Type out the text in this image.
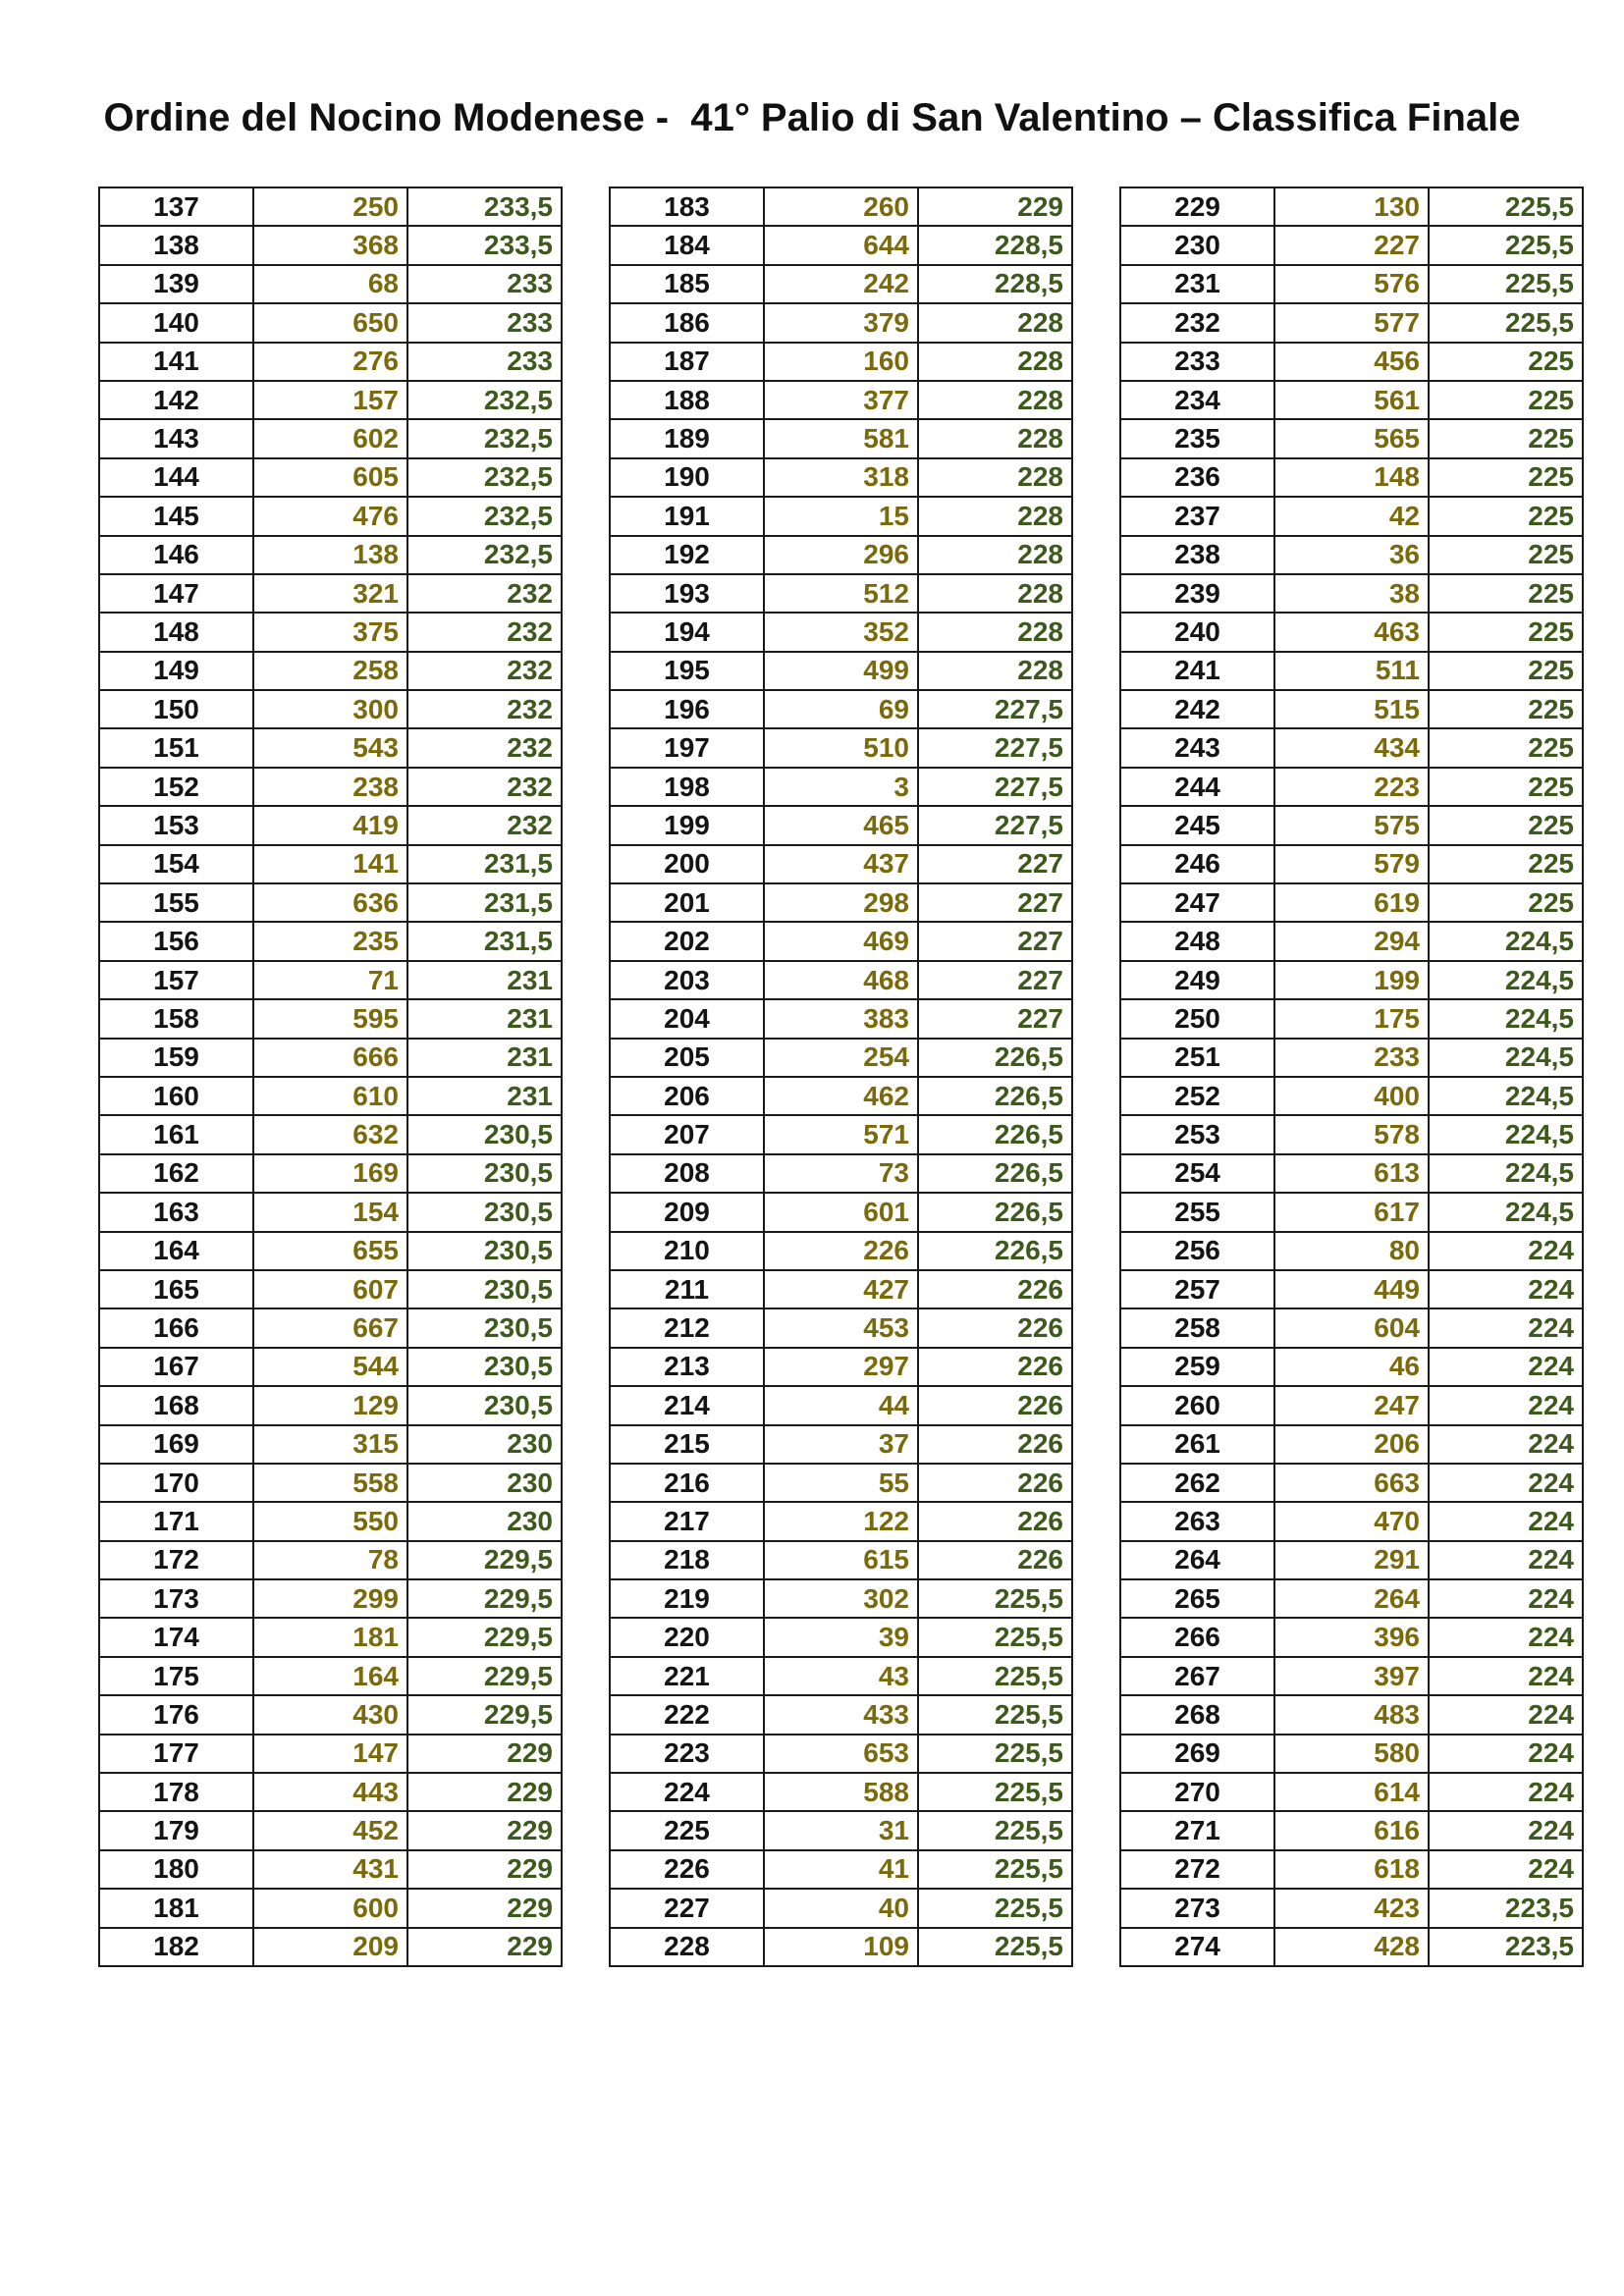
Ordine del Nocino Modenese -  41° Palio di San Valentino – Classifica Finale
137	250	233,5
138	368	233,5
139	68	233
140	650	233
141	276	233
142	157	232,5
143	602	232,5
144	605	232,5
145	476	232,5
146	138	232,5
147	321	232
148	375	232
149	258	232
150	300	232
151	543	232
152	238	232
153	419	232
154	141	231,5
155	636	231,5
156	235	231,5
157	71	231
158	595	231
159	666	231
160	610	231
161	632	230,5
162	169	230,5
163	154	230,5
164	655	230,5
165	607	230,5
166	667	230,5
167	544	230,5
168	129	230,5
169	315	230
170	558	230
171	550	230
172	78	229,5
173	299	229,5
174	181	229,5
175	164	229,5
176	430	229,5
177	147	229
178	443	229
179	452	229
180	431	229
181	600	229
182	209	229
183	260	229
184	644	228,5
185	242	228,5
186	379	228
187	160	228
188	377	228
189	581	228
190	318	228
191	15	228
192	296	228
193	512	228
194	352	228
195	499	228
196	69	227,5
197	510	227,5
198	3	227,5
199	465	227,5
200	437	227
201	298	227
202	469	227
203	468	227
204	383	227
205	254	226,5
206	462	226,5
207	571	226,5
208	73	226,5
209	601	226,5
210	226	226,5
211	427	226
212	453	226
213	297	226
214	44	226
215	37	226
216	55	226
217	122	226
218	615	226
219	302	225,5
220	39	225,5
221	43	225,5
222	433	225,5
223	653	225,5
224	588	225,5
225	31	225,5
226	41	225,5
227	40	225,5
228	109	225,5
229	130	225,5
230	227	225,5
231	576	225,5
232	577	225,5
233	456	225
234	561	225
235	565	225
236	148	225
237	42	225
238	36	225
239	38	225
240	463	225
241	511	225
242	515	225
243	434	225
244	223	225
245	575	225
246	579	225
247	619	225
248	294	224,5
249	199	224,5
250	175	224,5
251	233	224,5
252	400	224,5
253	578	224,5
254	613	224,5
255	617	224,5
256	80	224
257	449	224
258	604	224
259	46	224
260	247	224
261	206	224
262	663	224
263	470	224
264	291	224
265	264	224
266	396	224
267	397	224
268	483	224
269	580	224
270	614	224
271	616	224
272	618	224
273	423	223,5
274	428	223,5
